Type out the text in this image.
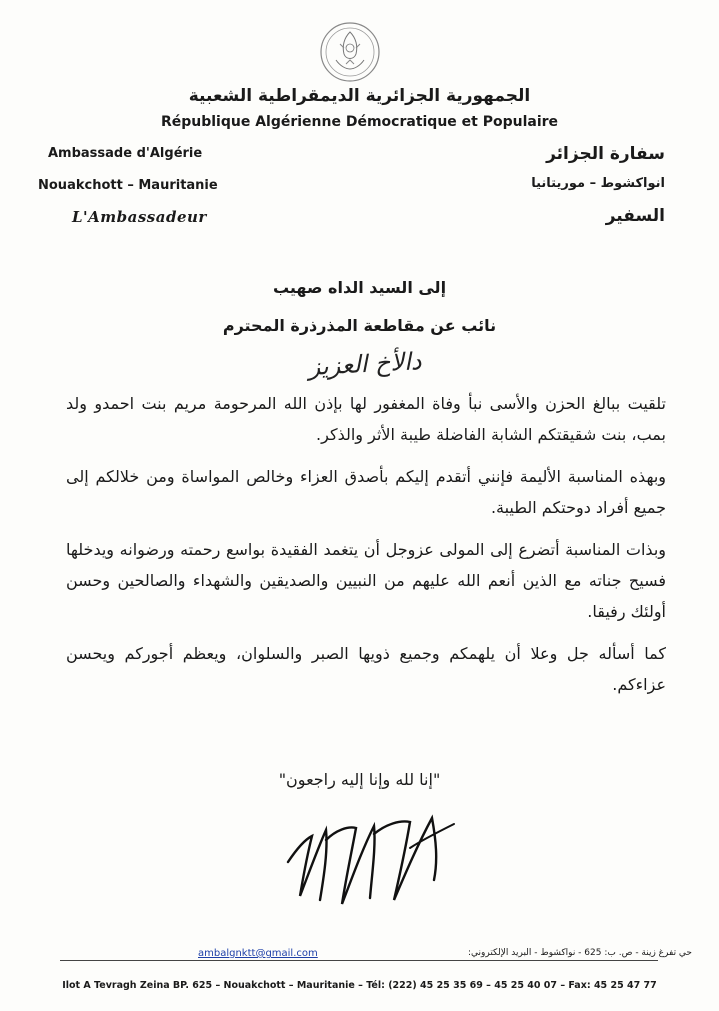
الجمهورية الجزائرية الديمقراطية الشعبية
République Algérienne Démocratique et Populaire
Ambassade d'Algérie
Nouakchott – Mauritanie
L'Ambassadeur
سفارة الجزائر
انواكشوط – موريتانيا
السفير
إلى السيد الداه صهيب
نائب عن مقاطعة المذرذرة المحترم
دالأخ العزيز

تلقيت ببالغ الحزن والأسى نبأ وفاة المغفور لها بإذن الله المرحومة مريم بنت احمدو ولد بمب، بنت شقيقتكم الشابة الفاضلة طيبة الأثر والذكر.

وبهذه المناسبة الأليمة فإنني أتقدم إليكم بأصدق العزاء وخالص المواساة ومن خلالكم إلى جميع أفراد دوحتكم الطيبة.

وبذات المناسبة أتضرع إلى المولى عزوجل أن يتغمد الفقيدة بواسع رحمته ورضوانه ويدخلها فسيح جناته مع الذين أنعم الله عليهم من النبيين والصديقين والشهداء والصالحين وحسن أولئك رفيقا.

كما أسأله جل وعلا أن يلهمكم وجميع ذويها الصبر والسلوان، ويعظم أجوركم ويحسن عزاءكم.

"إنا لله وإنا إليه راجعون"
ambalgnktt@gmail.com	حي تفرغ زينة - ص. ب: 625 - نواكشوط - البريد الإلكتروني:
Ilot A Tevragh Zeina BP. 625 – Nouakchott – Mauritanie – Tél: (222) 45 25 35 69 – 45 25 40 07 – Fax: 45 25 47 77
